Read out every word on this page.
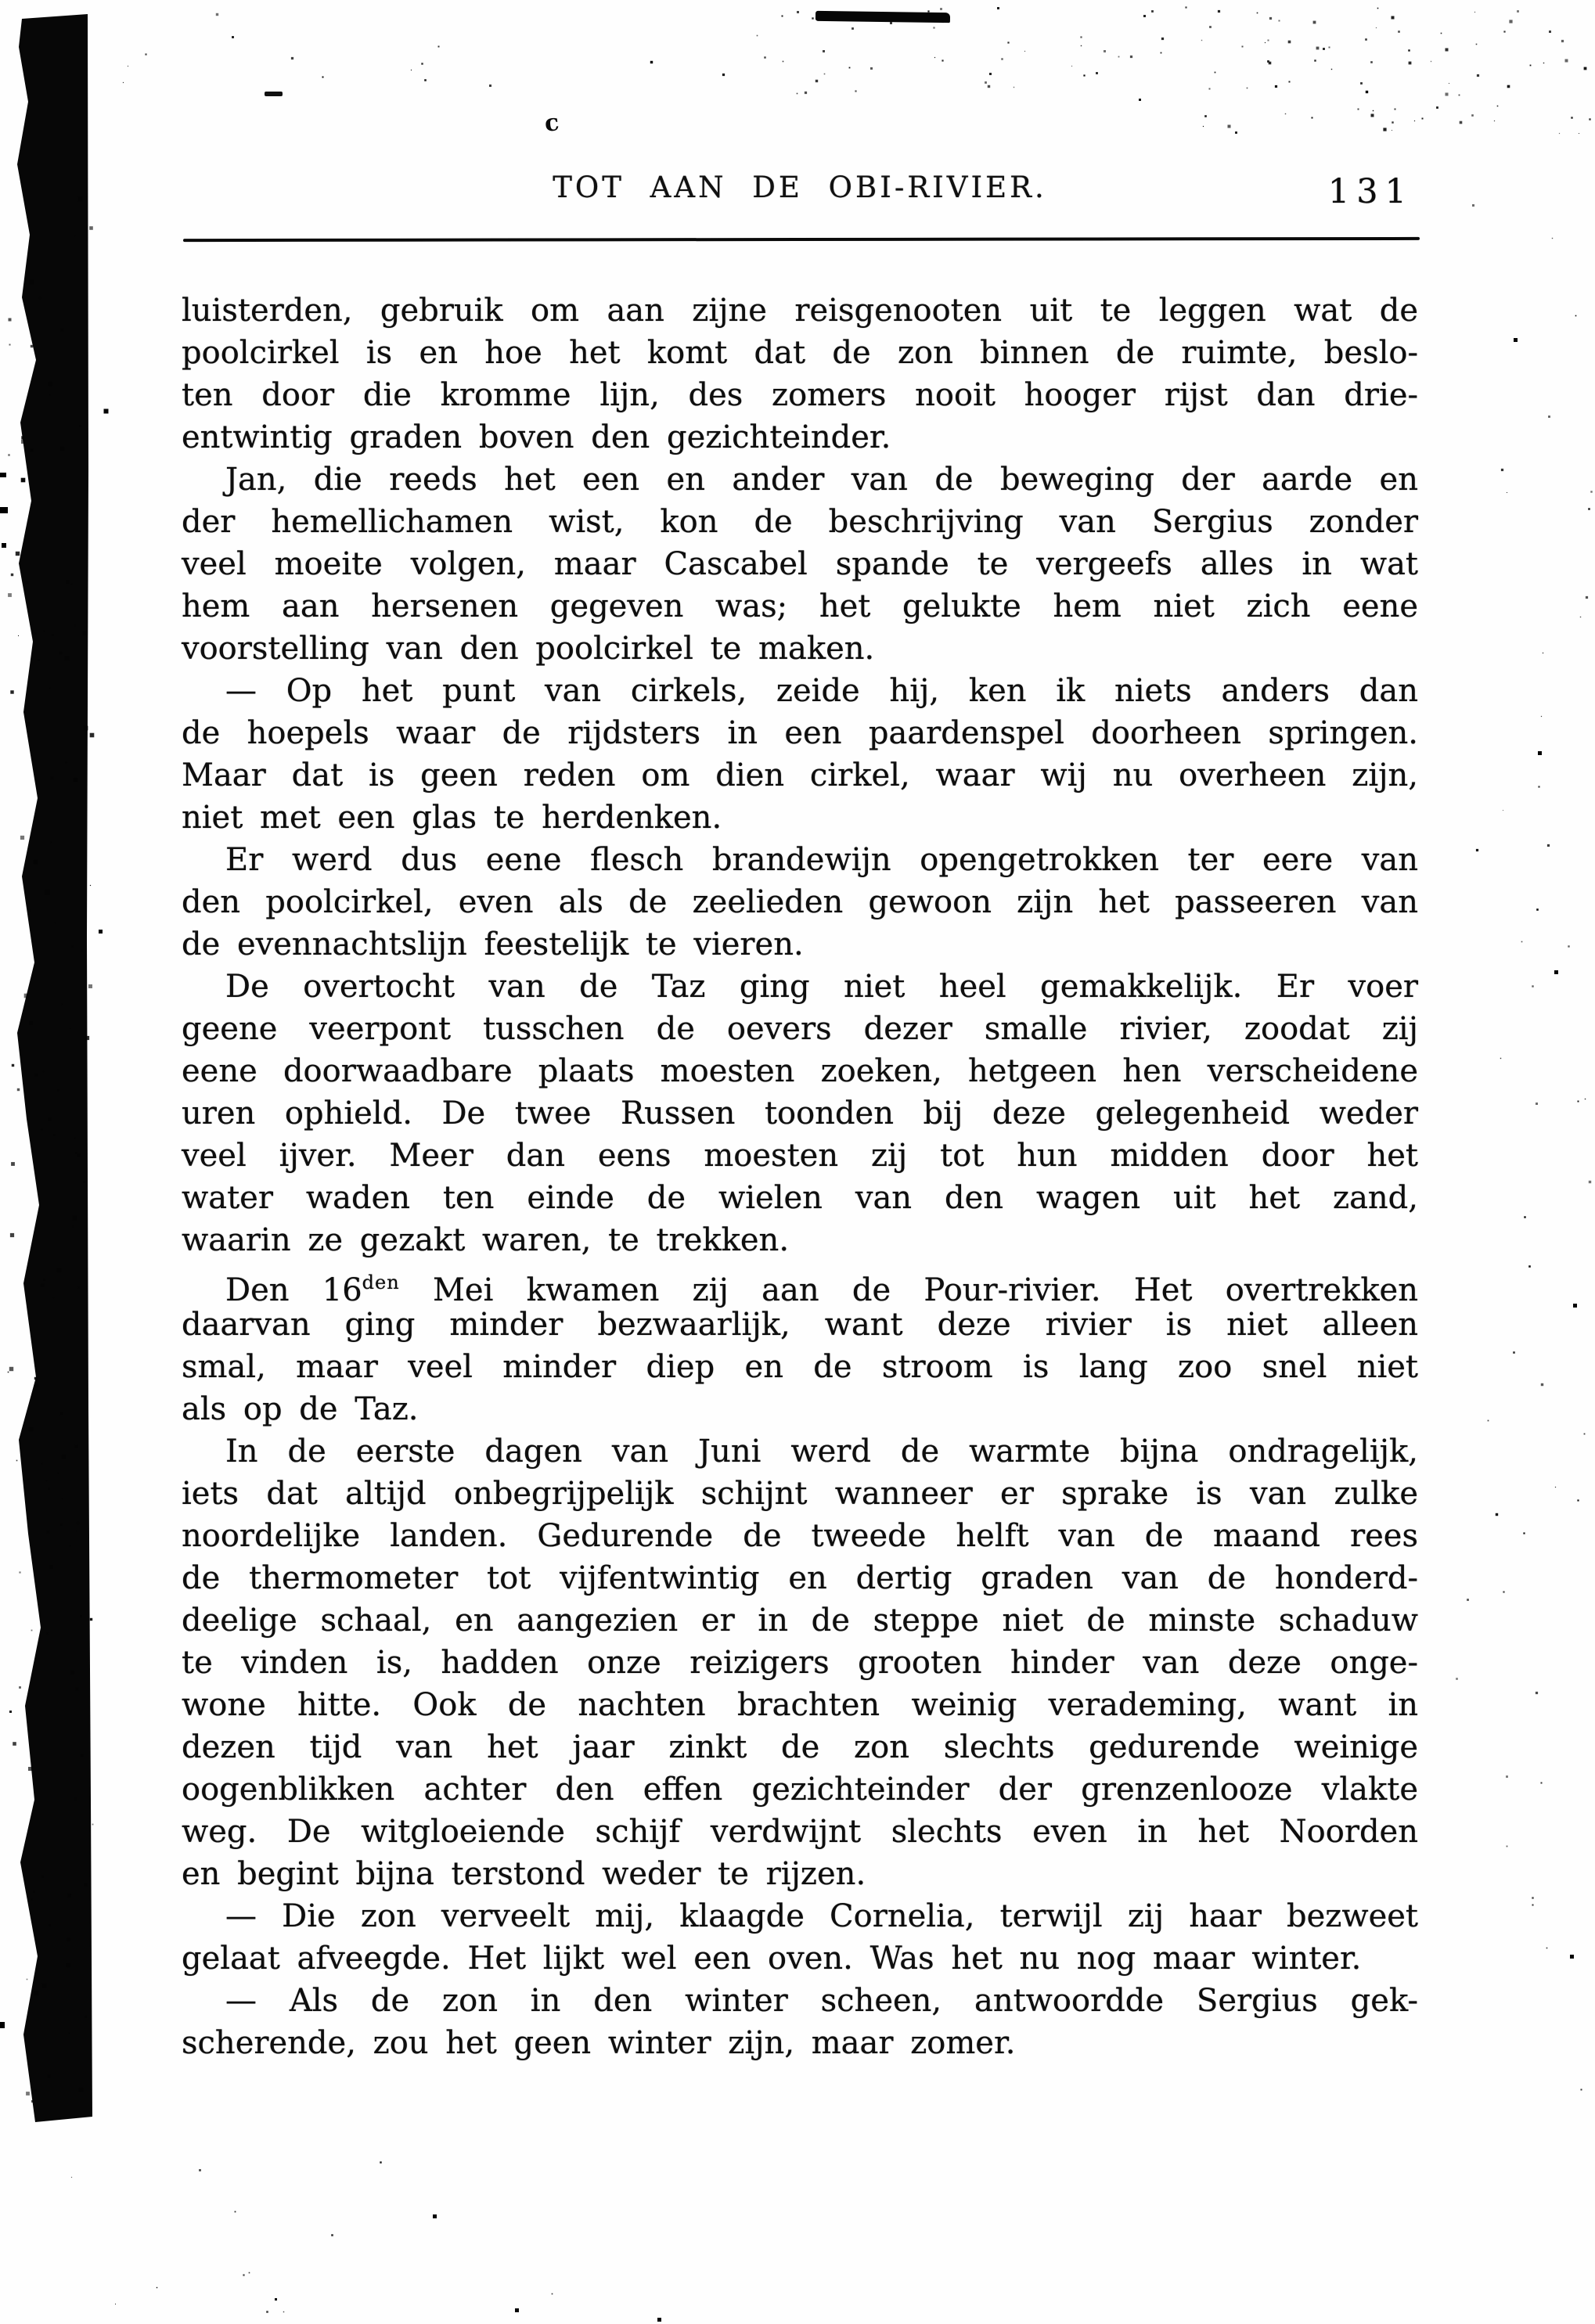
c
TOT AAN DE OBI-RIVIER.	131
luisterden, gebruik om aan zijne reisgenooten uit te leggen wat de
poolcirkel is en hoe het komt dat de zon binnen de ruimte, beslo-
ten door die kromme lijn, des zomers nooit hooger rijst dan drie-
entwintig graden boven den gezichteinder.
Jan, die reeds het een en ander van de beweging der aarde en
der hemellichamen wist, kon de beschrijving van Sergius zonder
veel moeite volgen, maar Cascabel spande te vergeefs alles in wat
hem aan hersenen gegeven was; het gelukte hem niet zich eene
voorstelling van den poolcirkel te maken.
— Op het punt van cirkels, zeide hij, ken ik niets anders dan
de hoepels waar de rijdsters in een paardenspel doorheen springen.
Maar dat is geen reden om dien cirkel, waar wij nu overheen zijn,
niet met een glas te herdenken.
Er werd dus eene flesch brandewijn opengetrokken ter eere van
den poolcirkel, even als de zeelieden gewoon zijn het passeeren van
de evennachtslijn feestelijk te vieren.
De overtocht van de Taz ging niet heel gemakkelijk. Er voer
geene veerpont tusschen de oevers dezer smalle rivier, zoodat zij
eene doorwaadbare plaats moesten zoeken, hetgeen hen verscheidene
uren ophield. De twee Russen toonden bij deze gelegenheid weder
veel ijver. Meer dan eens moesten zij tot hun midden door het
water waden ten einde de wielen van den wagen uit het zand,
waarin ze gezakt waren, te trekken.
Den $16^{den}$ Mei kwamen zij aan de Pour-rivier. Het overtrekken
daarvan ging minder bezwaarlijk, want deze rivier is niet alleen
smal, maar veel minder diep en de stroom is lang zoo snel niet
als op de Taz.
In de eerste dagen van Juni werd de warmte bijna ondragelijk,
iets dat altijd onbegrijpelijk schijnt wanneer er sprake is van zulke
noordelijke landen. Gedurende de tweede helft van de maand rees
de thermometer tot vijfentwintig en dertig graden van de honderd-
deelige schaal, en aangezien er in de steppe niet de minste schaduw
te vinden is, hadden onze reizigers grooten hinder van deze onge-
wone hitte. Ook de nachten brachten weinig verademing, want in
dezen tijd van het jaar zinkt de zon slechts gedurende weinige
oogenblikken achter den effen gezichteinder der grenzenlooze vlakte
weg. De witgloeiende schijf verdwijnt slechts even in het Noorden
en begint bijna terstond weder te rijzen.
— Die zon verveelt mij, klaagde Cornelia, terwijl zij haar bezweet
gelaat afveegde. Het lijkt wel een oven. Was het nu nog maar winter.
— Als de zon in den winter scheen, antwoordde Sergius gek-
scherende, zou het geen winter zijn, maar zomer.
